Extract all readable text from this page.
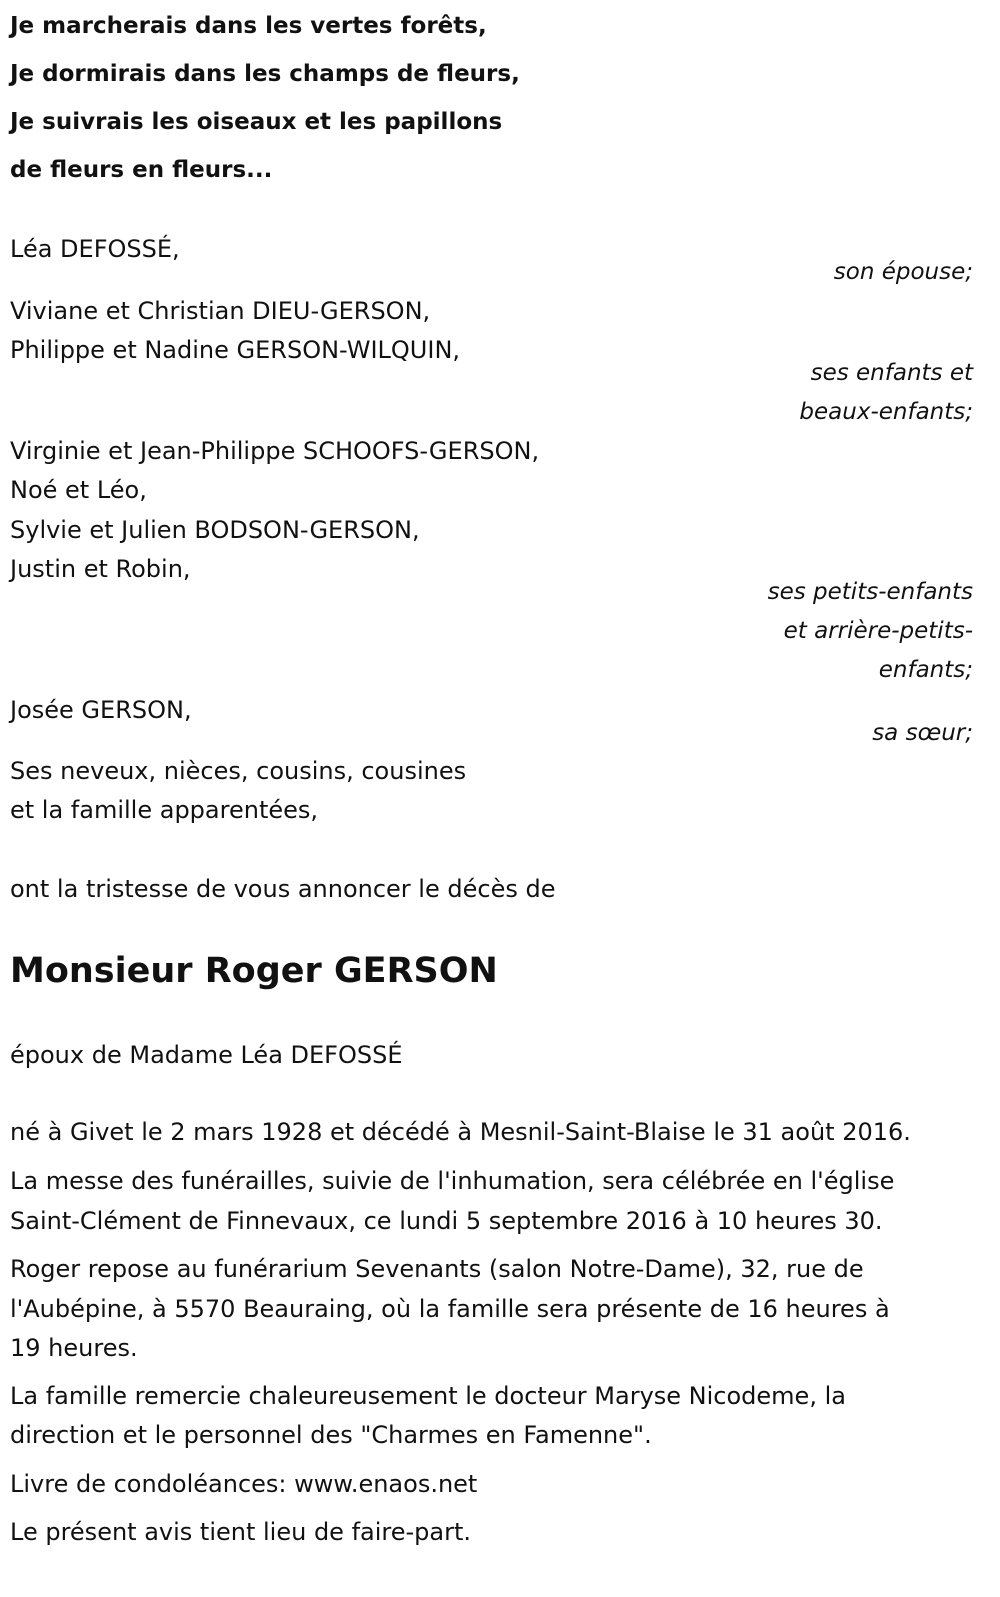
Je marcherais dans les vertes forêts,
Je dormirais dans les champs de fleurs,
Je suivrais les oiseaux et les papillons
de fleurs en fleurs...
Léa DEFOSSÉ,
son épouse;
Viviane et Christian DIEU-GERSON,
Philippe et Nadine GERSON-WILQUIN,
ses enfants et
beaux-enfants;
Virginie et Jean-Philippe SCHOOFS-GERSON,
Noé et Léo,
Sylvie et Julien BODSON-GERSON,
Justin et Robin,
ses petits-enfants
et arrière-petits-
enfants;
Josée GERSON,
sa sœur;
Ses neveux, nièces, cousins, cousines
et la famille apparentées,
ont la tristesse de vous annoncer le décès de
Monsieur Roger GERSON
époux de Madame Léa DEFOSSÉ
né à Givet le 2 mars 1928 et décédé à Mesnil-Saint-Blaise le 31 août 2016.
La messe des funérailles, suivie de l'inhumation, sera célébrée en l'église
Saint-Clément de Finnevaux, ce lundi 5 septembre 2016 à 10 heures 30.
Roger repose au funérarium Sevenants (salon Notre-Dame), 32, rue de
l'Aubépine, à 5570 Beauraing, où la famille sera présente de 16 heures à
19 heures.
La famille remercie chaleureusement le docteur Maryse Nicodeme, la
direction et le personnel des "Charmes en Famenne".
Livre de condoléances: www.enaos.net
Le présent avis tient lieu de faire-part.
